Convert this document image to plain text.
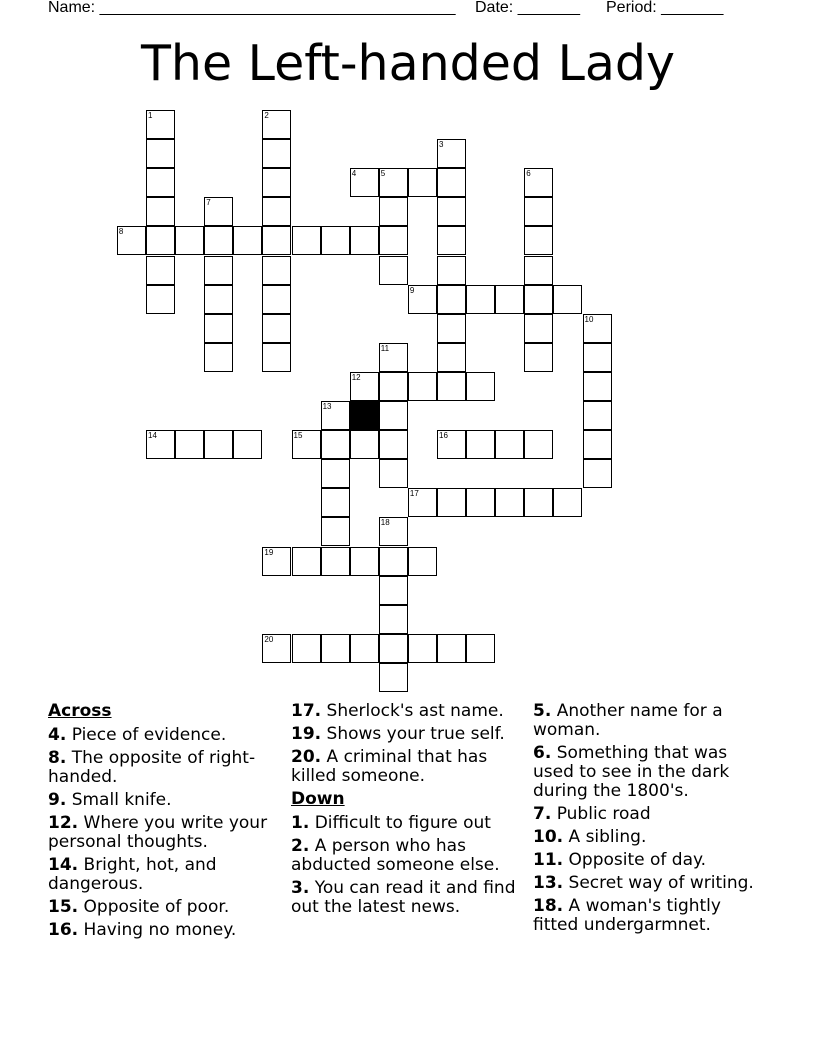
Name: ________________________________________ Date: _______ Period: _______
The Left-handed Lady
1	2
3
4	5	6
7
8
9
10
11
12
13
14	15	16
17
18
19
20
Across
4. Piece of evidence.
8. The opposite of right-handed.
9. Small knife.
12. Where you write your personal thoughts.
14. Bright, hot, and dangerous.
15. Opposite of poor.
16. Having no money.
17. Sherlock's ast name.
19. Shows your true self.
20. A criminal that has killed someone.
Down
1. Difficult to figure out
2. A person who has abducted someone else.
3. You can read it and find out the latest news.
5. Another name for a woman.
6. Something that was used to see in the dark during the 1800's.
7. Public road
10. A sibling.
11. Opposite of day.
13. Secret way of writing.
18. A woman's tightly fitted undergarmnet.
